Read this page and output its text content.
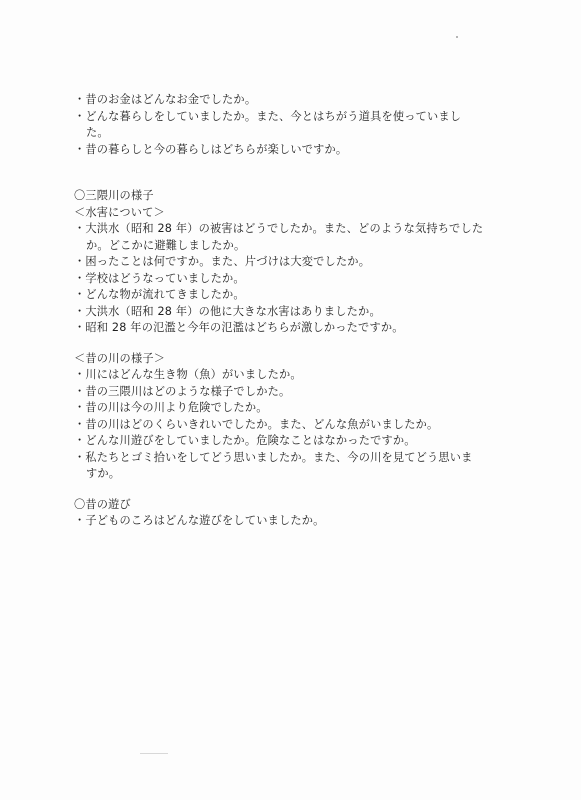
・昔のお金はどんなお金でしたか。
・どんな暮らしをしていましたか。また、今とはちがう道具を使っていまし
た。
・昔の暮らしと今の暮らしはどちらが楽しいですか。
〇三隈川の様子
＜水害について＞
・大洪水（昭和 28 年）の被害はどうでしたか。また、どのような気持ちでした
か。どこかに避難しましたか。
・困ったことは何ですか。また、片づけは大変でしたか。
・学校はどうなっていましたか。
・どんな物が流れてきましたか。
・大洪水（昭和 28 年）の他に大きな水害はありましたか。
・昭和 28 年の氾濫と今年の氾濫はどちらが激しかったですか。
＜昔の川の様子＞
・川にはどんな生き物（魚）がいましたか。
・昔の三隈川はどのような様子でしかた。
・昔の川は今の川より危険でしたか。
・昔の川はどのくらいきれいでしたか。また、どんな魚がいましたか。
・どんな川遊びをしていましたか。危険なことはなかったですか。
・私たちとゴミ拾いをしてどう思いましたか。また、今の川を見てどう思いま
すか。
〇昔の遊び
・子どものころはどんな遊びをしていましたか。
